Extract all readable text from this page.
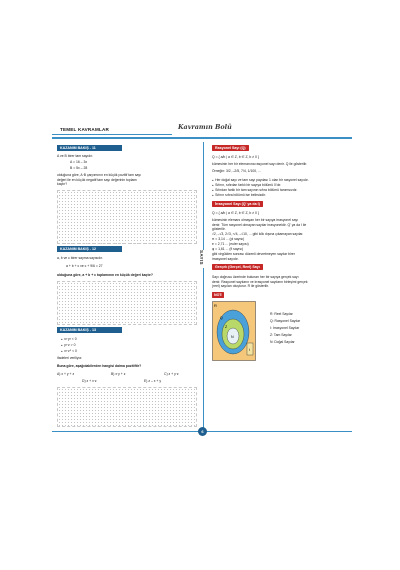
TEMEL KAVRAMLAR	Kavramın Bolü
SAYIS
KAZANIM BAKIŞ - 11
A ve B birer tam sayıdır.
A = 16 – 3x
B = 5x – 28
olduğuna göre, A·B çarpımının en küçük pozitif tam sayı
değeri ile en küçük negatif tam sayı değerinin toplamı
kaçtır?
KAZANIM BAKIŞ - 12
a, b ve c birer sayma sayısıdır.
a + b + c ve c + 9/6 = 27
olduğuna göre, a + b + c toplamının en küçük değeri kaçtır?
KAZANIM BAKIŞ - 13
● x²·y³ < 0
● y³·z > 0
● x³·z⁵ < 0
ifadeleri veriliyor.
Buna göre, aşağıdakilerden hangisi daima pozitiftir?
A) x + y + z	B) x·y + z	C) z + y·z
D) z + x·z	E) z – x + y
Rasyonel Sayı (Q)
Q = { a/b | a ∈ Z, b ∈ Z, b ≠ 0 }
kümesinin her bir elemanına rasyonel sayı denir. Q ile gösterilir.
Örneğin: 3/2, –2/5, 7/4, 1/100, ...
● Her doğal sayı ve tam sayı paydası 1 olan bir rasyonel sayıdır.
● Sıfırın, sıfırdan farklı bir sayıya bölümü 0'dır.
● Sıfırdan farklı bir tam sayının sıfıra bölümü tanımsızdır.
● Sıfırın sıfıra bölümü ise belirsizdir.
İrrasyonel Sayı (Q' ya da I)
Q = { a/b | a ∈ Z, b ∈ Z, b ≠ 0 }
kümesinin elemanı olmayan her bir sayıya irrasyonel sayı
denir. Tüm rasyonel olmayan sayılar irrasyoneldir. Q' ya da I ile
gösterilir.
√2, –√3, 2√3, ³√4, –√10, ... gibi kök dışına çıkamayan sayılar.
π = 3,14 ... (pi sayısı)
e = 2,71 ... (euler sayısı)
φ = 1,61 ... (fi sayısı)
gibi virgülden sonrası düzenli devretmeyen sayılar birer
irrasyonel sayıdır.
Gerçek (Gerçel, Reel) Sayı
Sayı doğrusu üzerinde bulunan her bir sayıya gerçek sayı
denir. Rasyonel sayıların ve irrasyonel sayıların birleşimi gerçek
(reel) sayıları oluşturur. R ile gösterilir.
NOT:
R
Q
Z
N
I
R: Reel Sayılar
Q: Rasyonel Sayılar
I: İrrasyonel Sayılar
Z: Tam Sayılar
N: Doğal Sayılar
6
